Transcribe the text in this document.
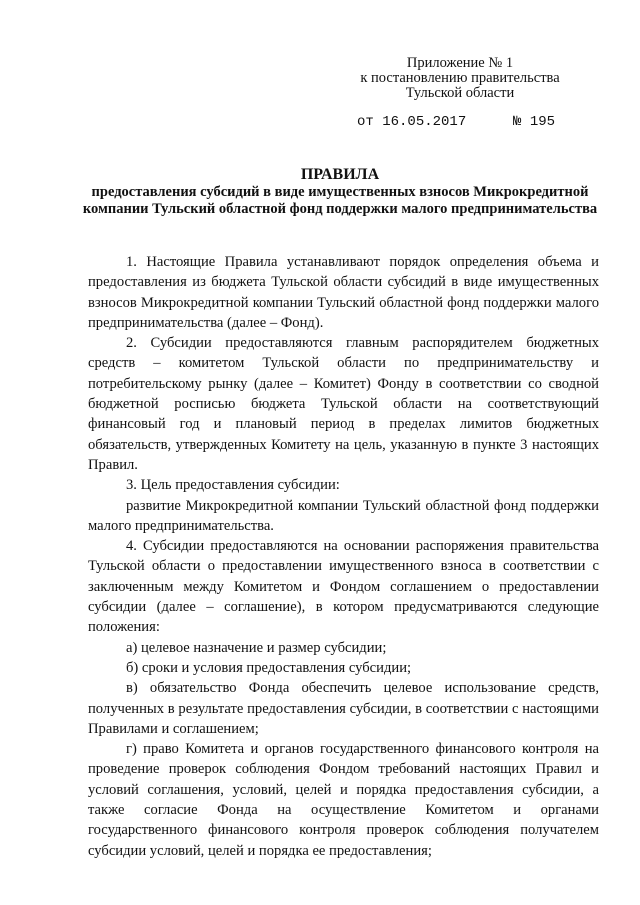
Приложение № 1
к постановлению правительства
Тульской области
от 16.05.2017	№ 195
ПРАВИЛА
предоставления субсидий в виде имущественных взносов Микрокредитной компании Тульский областной фонд поддержки малого предпринимательства

1. Настоящие Правила устанавливают порядок определения объема и предоставления из бюджета Тульской области субсидий в виде имущественных взносов Микрокредитной компании Тульский областной фонд поддержки малого предпринимательства (далее – Фонд).

2. Субсидии предоставляются главным распорядителем бюджетных средств – комитетом Тульской области по предпринимательству и потребительскому рынку (далее – Комитет) Фонду в соответствии со сводной бюджетной росписью бюджета Тульской области на соответствующий финансовый год и плановый период в пределах лимитов бюджетных обязательств, утвержденных Комитету на цель, указанную в пункте 3 настоящих Правил.

3. Цель предоставления субсидии:

развитие Микрокредитной компании Тульский областной фонд поддержки малого предпринимательства.

4. Субсидии предоставляются на основании распоряжения правительства Тульской области о предоставлении имущественного взноса в соответствии с заключенным между Комитетом и Фондом соглашением о предоставлении субсидии (далее – соглашение), в котором предусматриваются следующие положения:

а) целевое назначение и размер субсидии;

б) сроки и условия предоставления субсидии;

в) обязательство Фонда обеспечить целевое использование средств, полученных в результате предоставления субсидии, в соответствии с настоящими Правилами и соглашением;

г) право Комитета и органов государственного финансового контроля на проведение проверок соблюдения Фондом требований настоящих Правил и условий соглашения, условий, целей и порядка предоставления субсидии, а также согласие Фонда на осуществление Комитетом и органами государственного финансового контроля проверок соблюдения получателем субсидии условий, целей и порядка ее предоставления;
